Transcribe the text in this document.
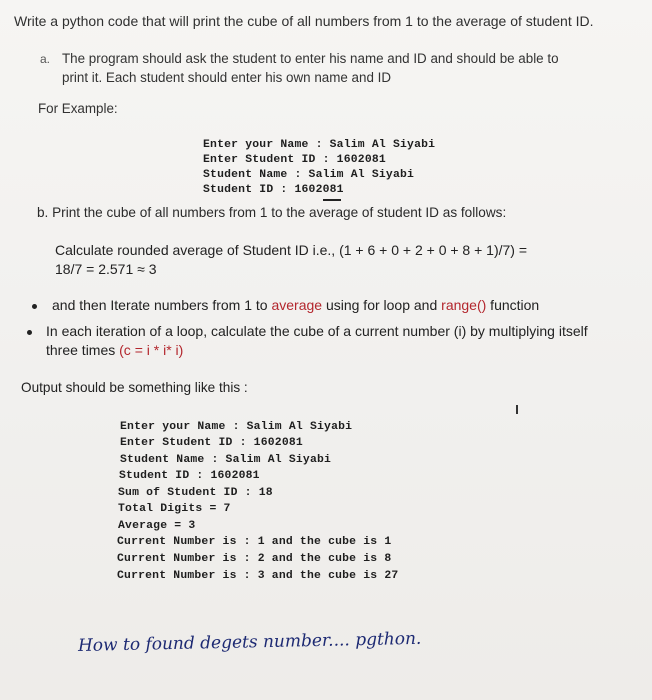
Write a python code that will print the cube of all numbers from 1 to the average of student ID.
a. The program should ask the student to enter his name and ID and should be able to
print it. Each student should enter his own name and ID
For Example:
Enter your Name : Salim Al Siyabi
Enter Student ID : 1602081
Student Name : Salim Al Siyabi
Student ID : 1602081
b. Print the cube of all numbers from 1 to the average of student ID as follows:
Calculate rounded average of Student ID i.e., (1 + 6 + 0 + 2 + 0 + 8 + 1)/7) =
18/7 = 2.571 ≈ 3
and then Iterate numbers from 1 to average using for loop and range() function
In each iteration of a loop, calculate the cube of a current number (i) by multiplying itself
three times (c = i * i* i)
Output should be something like this :
Enter your Name : Salim Al Siyabi
Enter Student ID : 1602081
Student Name : Salim Al Siyabi
Student ID : 1602081
Sum of Student ID : 18
Total Digits = 7
Average = 3
Current Number is : 1 and the cube is 1
Current Number is : 2 and the cube is 8
Current Number is : 3 and the cube is 27
How to found degets number.... pgthon.
